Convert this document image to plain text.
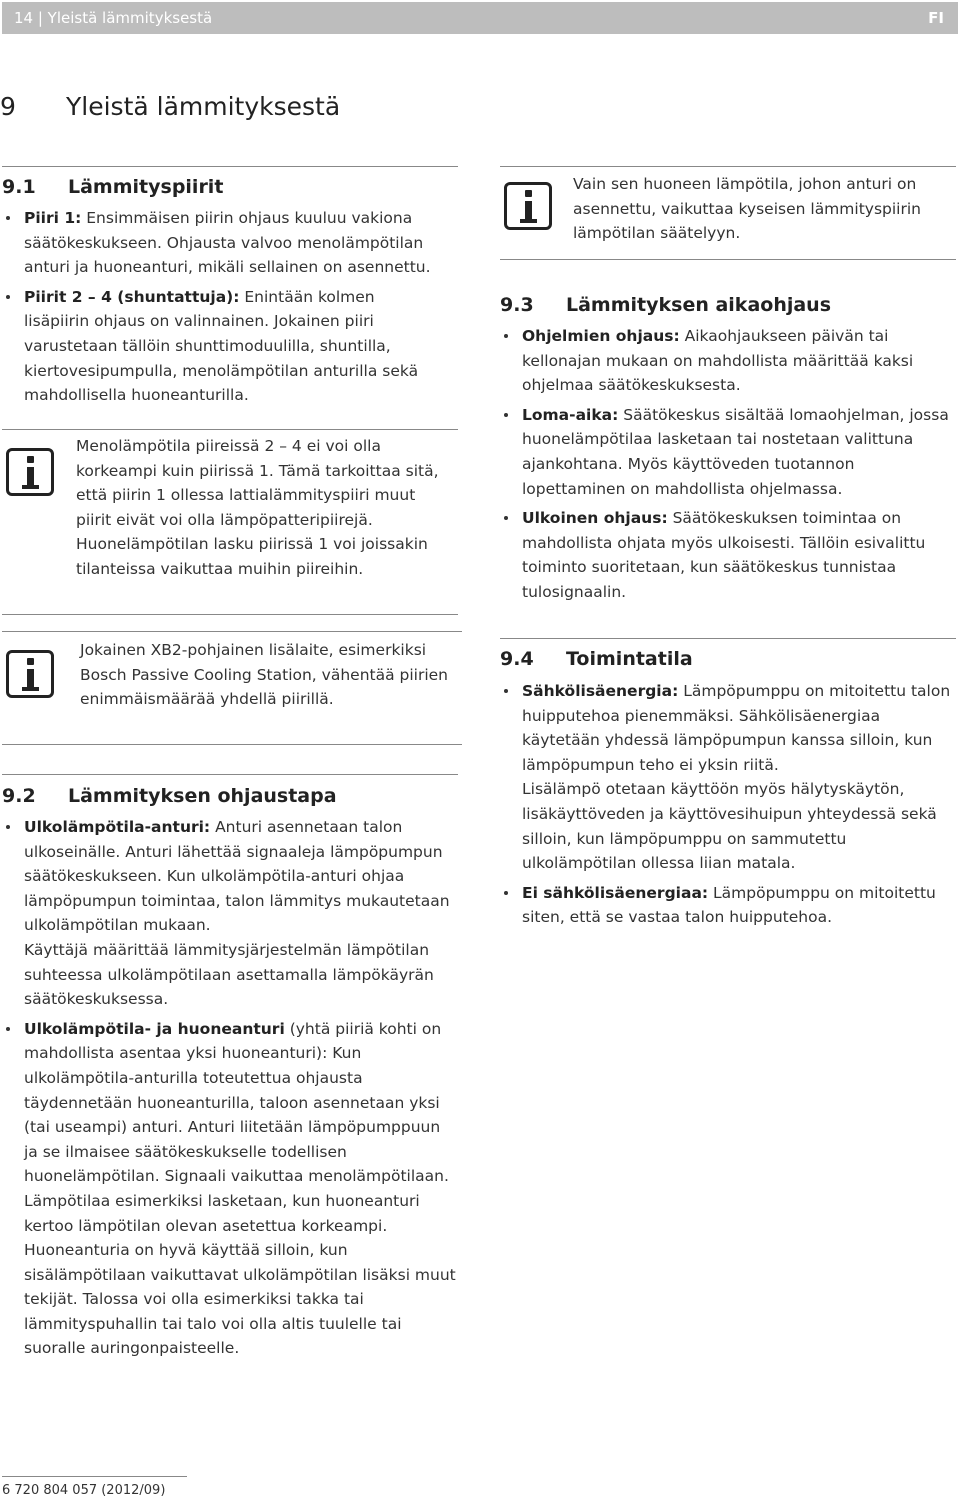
14 | Yleistä lämmityksestä	FI
9 Yleistä lämmityksestä
9.1 Lämmityspiirit
Piiri 1: Ensimmäisen piirin ohjaus kuuluu vakiona säätökeskukseen. Ohjausta valvoo menolämpötilan anturi ja huoneanturi, mikäli sellainen on asennettu.
Piirit 2 – 4 (shuntattuja): Enintään kolmen lisäpiirin ohjaus on valinnainen. Jokainen piiri varustetaan tällöin shunttimoduulilla, shuntilla, kiertovesipumpulla, menolämpötilan anturilla sekä mahdollisella huoneanturilla.
Menolämpötila piireissä 2 – 4 ei voi olla korkeampi kuin piirissä 1. Tämä tarkoittaa sitä, että piirin 1 ollessa lattialämmityspiiri muut piirit eivät voi olla lämpöpatteripiirejä. Huonelämpötilan lasku piirissä 1 voi joissakin tilanteissa vaikuttaa muihin piireihin.
Jokainen XB2-pohjainen lisälaite, esimerkiksi Bosch Passive Cooling Station, vähentää piirien enimmäismäärää yhdellä piirillä.
9.2 Lämmityksen ohjaustapa
Ulkolämpötila-anturi: Anturi asennetaan talon ulkoseinälle. Anturi lähettää signaaleja lämpöpumpun säätökeskukseen. Kun ulkolämpötila-anturi ohjaa lämpöpumpun toimintaa, talon lämmitys mukautetaan ulkolämpötilan mukaan.

Käyttäjä määrittää lämmitysjärjestelmän lämpötilan suhteessa ulkolämpötilaan asettamalla lämpökäyrän säätökeskuksessa.

Ulkolämpötila- ja huoneanturi (yhtä piiriä kohti on mahdollista asentaa yksi huoneanturi): Kun ulkolämpötila-anturilla toteutettua ohjausta täydennetään huoneanturilla, taloon asennetaan yksi (tai useampi) anturi. Anturi liitetään lämpöpumppuun ja se ilmaisee säätökeskukselle todellisen huonelämpötilan. Signaali vaikuttaa menolämpötilaan. Lämpötilaa esimerkiksi lasketaan, kun huoneanturi kertoo lämpötilan olevan asetettua korkeampi.

Huoneanturia on hyvä käyttää silloin, kun sisälämpötilaan vaikuttavat ulkolämpötilan lisäksi muut tekijät. Talossa voi olla esimerkiksi takka tai lämmityspuhallin tai talo voi olla altis tuulelle tai suoralle auringonpaisteelle.

Vain sen huoneen lämpötila, johon anturi on asennettu, vaikuttaa kyseisen lämmityspiirin lämpötilan säätelyyn.
9.3 Lämmityksen aikaohjaus
Ohjelmien ohjaus: Aikaohjaukseen päivän tai kellonajan mukaan on mahdollista määrittää kaksi ohjelmaa säätökeskuksesta.
Loma-aika: Säätökeskus sisältää lomaohjelman, jossa huonelämpötilaa lasketaan tai nostetaan valittuna ajankohtana. Myös käyttöveden tuotannon lopettaminen on mahdollista ohjelmassa.
Ulkoinen ohjaus: Säätökeskuksen toimintaa on mahdollista ohjata myös ulkoisesti. Tällöin esivalittu toiminto suoritetaan, kun säätökeskus tunnistaa tulosignaalin.
9.4 Toimintatila
Sähkölisäenergia: Lämpöpumppu on mitoitettu talon huipputehoa pienemmäksi. Sähkölisäenergiaa käytetään yhdessä lämpöpumpun kanssa silloin, kun lämpöpumpun teho ei yksin riitä.

Lisälämpö otetaan käyttöön myös hälytyskäytön, lisäkäyttöveden ja käyttövesihuipun yhteydessä sekä silloin, kun lämpöpumppu on sammutettu ulkolämpötilan ollessa liian matala.

Ei sähkölisäenergiaa: Lämpöpumppu on mitoitettu siten, että se vastaa talon huipputehoa.
6 720 804 057 (2012/09)
